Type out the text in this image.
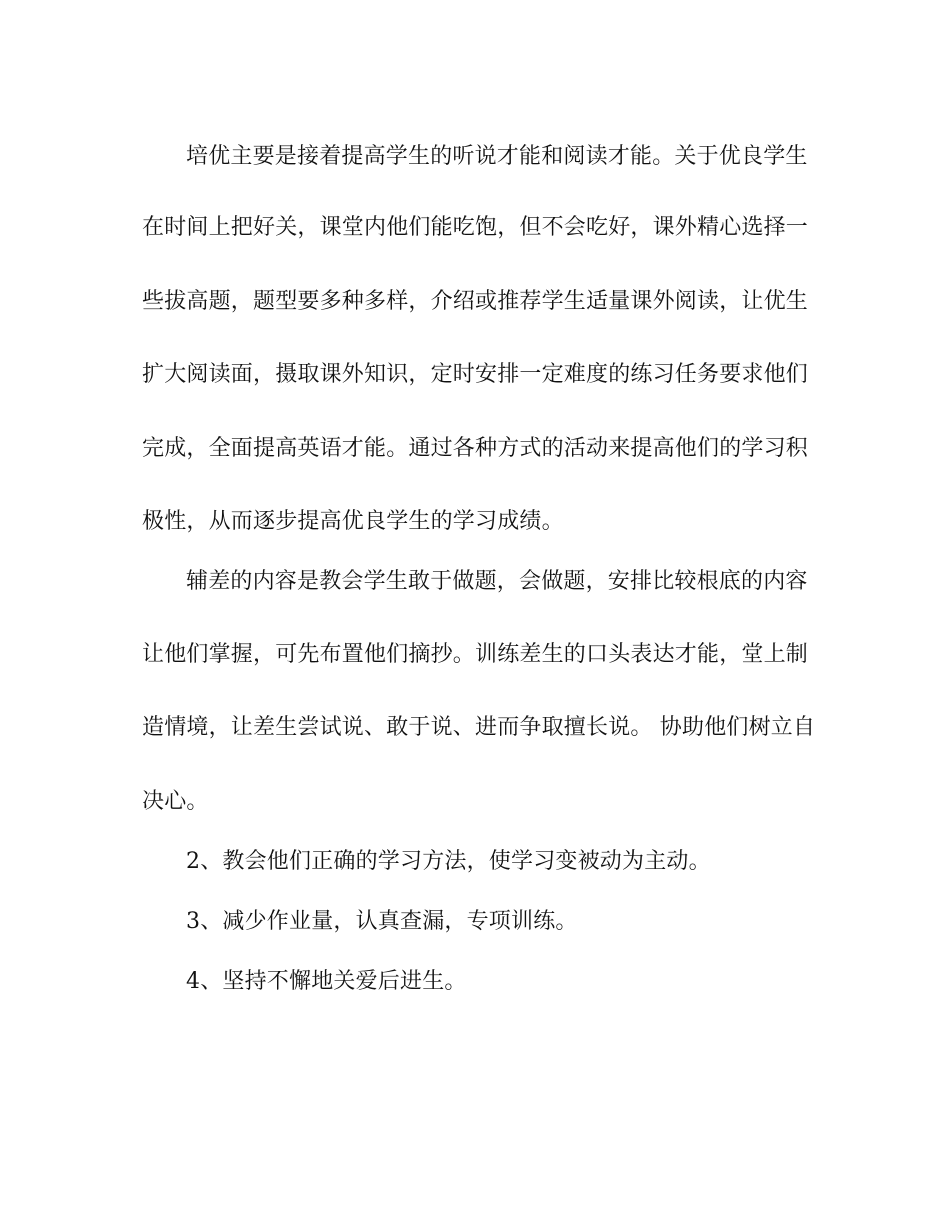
培优主要是接着提高学生的听说才能和阅读才能。关于优良学生
在时间上把好关，课堂内他们能吃饱，但不会吃好，课外精心选择一
些拔高题，题型要多种多样，介绍或推荐学生适量课外阅读，让优生
扩大阅读面，摄取课外知识，定时安排一定难度的练习任务要求他们
完成，全面提高英语才能。通过各种方式的活动来提高他们的学习积
极性，从而逐步提高优良学生的学习成绩。
辅差的内容是教会学生敢于做题，会做题，安排比较根底的内容
让他们掌握，可先布置他们摘抄。训练差生的口头表达才能，堂上制
造情境，让差生尝试说、敢于说、进而争取擅长说。 协助他们树立自
决心。
2、教会他们正确的学习方法，使学习变被动为主动。
3、减少作业量，认真查漏，专项训练。
4、坚持不懈地关爱后进生。
